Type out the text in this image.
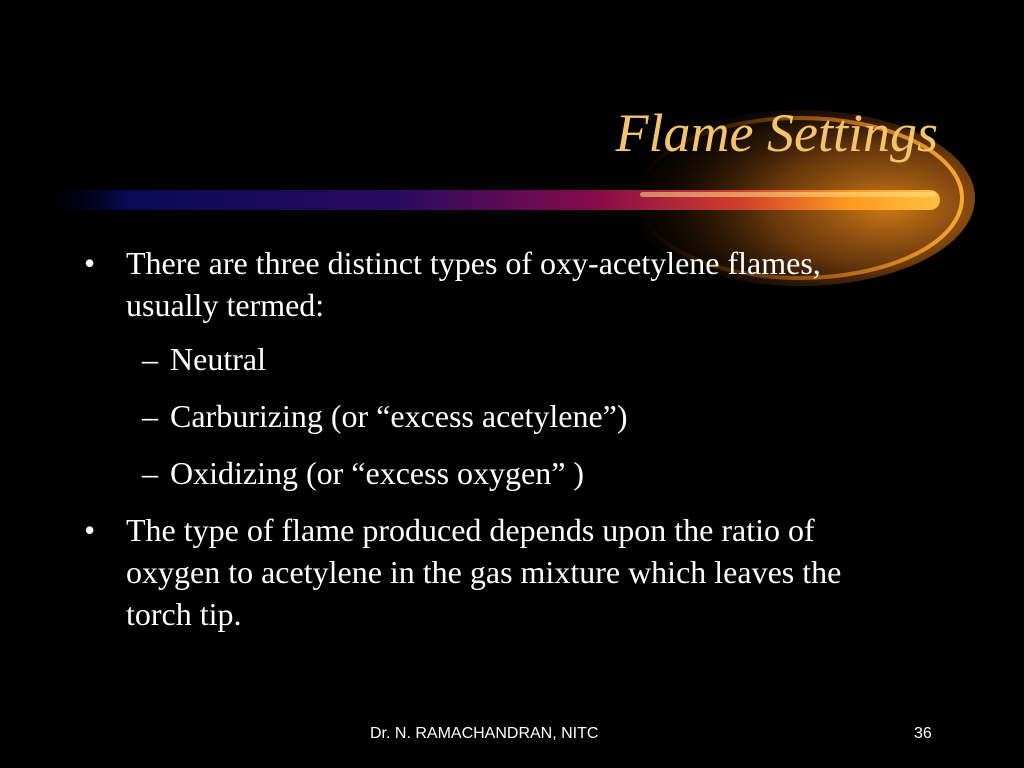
Flame Settings
• There are three distinct types of oxy-acetylene flames, usually termed:
– Neutral
– Carburizing (or “excess acetylene”)
– Oxidizing (or “excess oxygen” )
• The type of flame produced depends upon the ratio of oxygen to acetylene in the gas mixture which leaves the torch tip.
Dr. N. RAMACHANDRAN, NITC	36
